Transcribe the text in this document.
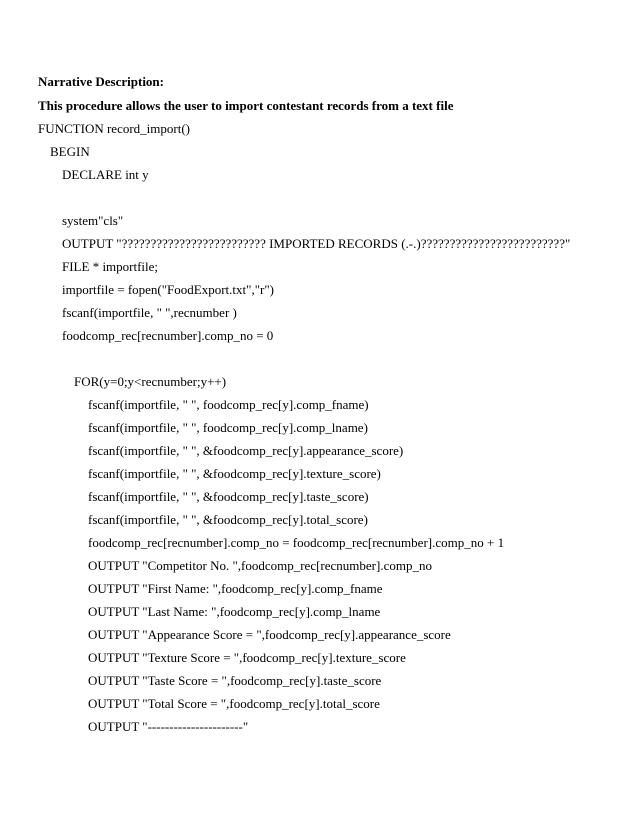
Narrative Description:
This procedure allows the user to import contestant records from a text file
FUNCTION record_import()
BEGIN
DECLARE int y
system"cls"
OUTPUT "????????????????????????? IMPORTED RECORDS (.-.)?????????????????????????"
FILE * importfile;
importfile = fopen("FoodExport.txt","r")
fscanf(importfile, " ",recnumber )
foodcomp_rec[recnumber].comp_no = 0
FOR(y=0;y<recnumber;y++)
fscanf(importfile, " ", foodcomp_rec[y].comp_fname)
fscanf(importfile, " ", foodcomp_rec[y].comp_lname)
fscanf(importfile, " ", &foodcomp_rec[y].appearance_score)
fscanf(importfile, " ", &foodcomp_rec[y].texture_score)
fscanf(importfile, " ", &foodcomp_rec[y].taste_score)
fscanf(importfile, " ", &foodcomp_rec[y].total_score)
foodcomp_rec[recnumber].comp_no = foodcomp_rec[recnumber].comp_no + 1
OUTPUT "Competitor No. ",foodcomp_rec[recnumber].comp_no
OUTPUT "First Name: ",foodcomp_rec[y].comp_fname
OUTPUT "Last Name: ",foodcomp_rec[y].comp_lname
OUTPUT "Appearance Score = ",foodcomp_rec[y].appearance_score
OUTPUT "Texture Score = ",foodcomp_rec[y].texture_score
OUTPUT "Taste Score = ",foodcomp_rec[y].taste_score
OUTPUT "Total Score = ",foodcomp_rec[y].total_score
OUTPUT "----------------------"
